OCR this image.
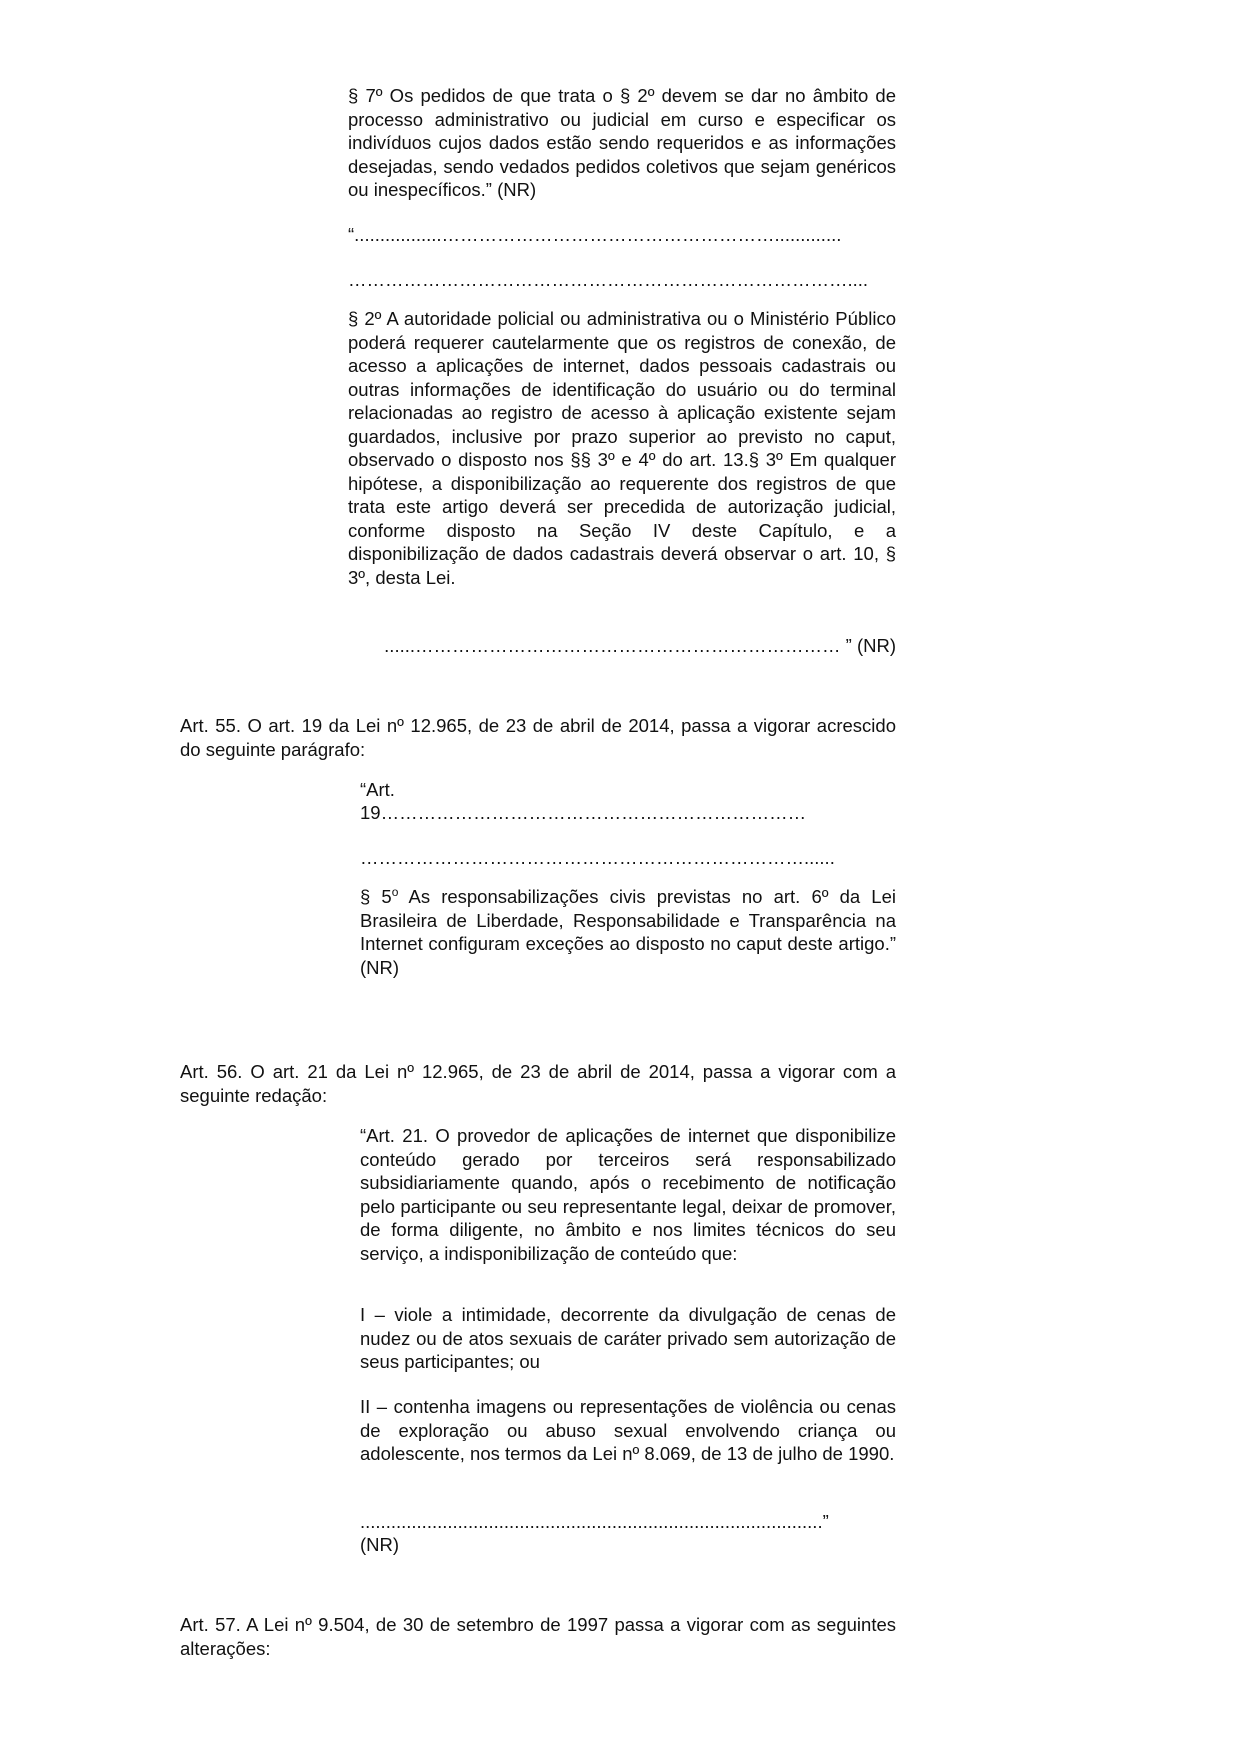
§ 7º Os pedidos de que trata o § 2º devem se dar no âmbito de processo administrativo ou judicial em curso e especificar os indivíduos cujos dados estão sendo requeridos e as informações desejadas, sendo vedados pedidos coletivos que sejam genéricos ou inespecíficos.” (NR)

“.................……………………………………………….............

………………………………………………………………………....

§ 2º A autoridade policial ou administrativa ou o Ministério Público poderá requerer cautelarmente que os registros de conexão, de acesso a aplicações de internet, dados pessoais cadastrais ou outras informações de identificação do usuário ou do terminal relacionadas ao registro de acesso à aplicação existente sejam guardados, inclusive por prazo superior ao previsto no caput, observado o disposto nos §§ 3º e 4º do art. 13.§ 3º Em qualquer hipótese, a disponibilização ao requerente dos registros de que trata este artigo deverá ser precedida de autorização judicial, conforme disposto na Seção IV deste Capítulo, e a disponibilização de dados cadastrais deverá observar o art. 10, § 3º, desta Lei.

......…………………………………………………………… ” (NR)

Art. 55. O art. 19 da Lei nº 12.965, de 23 de abril de 2014, passa a vigorar acrescido do seguinte parágrafo:

“Art.

19……………………………………………………………

………………………………………………………………......

§ 5$^o$ As responsabilizações civis previstas no art. 6º da Lei Brasileira de Liberdade, Responsabilidade e Transparência na Internet configuram exceções ao disposto no caput deste artigo.” (NR)

Art. 56. O art. 21 da Lei nº 12.965, de 23 de abril de 2014, passa a vigorar com a seguinte redação:

“Art. 21. O provedor de aplicações de internet que disponibilize conteúdo gerado por terceiros será responsabilizado subsidiariamente quando, após o recebimento de notificação pelo participante ou seu representante legal, deixar de promover, de forma diligente, no âmbito e nos limites técnicos do seu serviço, a indisponibilização de conteúdo que:

I – viole a intimidade, decorrente da divulgação de cenas de nudez ou de atos sexuais de caráter privado sem autorização de seus participantes; ou

II – contenha imagens ou representações de violência ou cenas de exploração ou abuso sexual envolvendo criança ou adolescente, nos termos da Lei nº 8.069, de 13 de julho de 1990.

..........................................................................................”

(NR)

Art. 57. A Lei nº 9.504, de 30 de setembro de 1997 passa a vigorar com as seguintes alterações:
